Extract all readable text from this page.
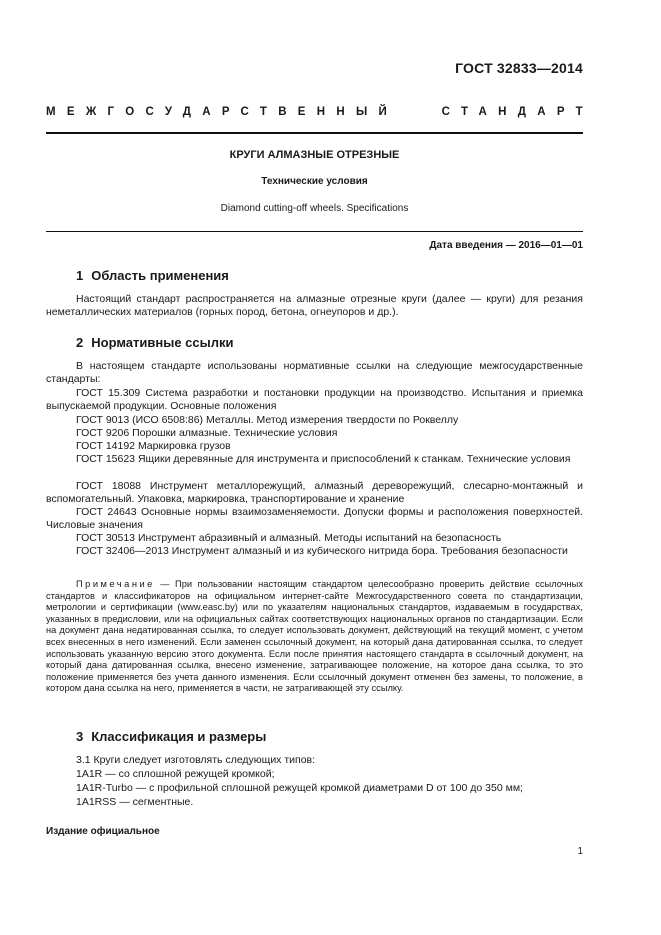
ГОСТ 32833—2014
МЕЖГОСУДАРСТВЕННЫЙ	СТАНДАРТ
КРУГИ АЛМАЗНЫЕ ОТРЕЗНЫЕ
Технические условия
Diamond cutting-off wheels. Specifications
Дата введения — 2016—01—01
1 Область применения
Настоящий стандарт распространяется на алмазные отрезные круги (далее — круги) для резания неметаллических материалов (горных пород, бетона, огнеупоров и др.).
2 Нормативные ссылки
В настоящем стандарте использованы нормативные ссылки на следующие межгосударственные стандарты:
ГОСТ 15.309 Система разработки и постановки продукции на производство. Испытания и приемка выпускаемой продукции. Основные положения
ГОСТ 9013 (ИСО 6508:86) Металлы. Метод измерения твердости по Роквеллу
ГОСТ 9206 Порошки алмазные. Технические условия
ГОСТ 14192 Маркировка грузов
ГОСТ 15623 Ящики деревянные для инструмента и приспособлений к станкам. Технические условия
ГОСТ 18088 Инструмент металлорежущий, алмазный дереворежущий, слесарно-монтажный и вспомогательный. Упаковка, маркировка, транспортирование и хранение
ГОСТ 24643 Основные нормы взаимозаменяемости. Допуски формы и расположения поверхностей. Числовые значения
ГОСТ 30513 Инструмент абразивный и алмазный. Методы испытаний на безопасность
ГОСТ 32406—2013 Инструмент алмазный и из кубического нитрида бора. Требования безопасности
Примечание — При пользовании настоящим стандартом целесообразно проверить действие ссылочных стандартов и классификаторов на официальном интернет-сайте Межгосударственного совета по стандартизации, метрологии и сертификации (www.easc.by) или по указателям национальных стандартов, издаваемым в государствах, указанных в предисловии, или на официальных сайтах соответствующих национальных органов по стандартизации. Если на документ дана недатированная ссылка, то следует использовать документ, действующий на текущий момент, с учетом всех внесенных в него изменений. Если заменен ссылочный документ, на который дана датированная ссылка, то следует использовать указанную версию этого документа. Если после принятия настоящего стандарта в ссылочный документ, на который дана датированная ссылка, внесено изменение, затрагивающее положение, на которое дана ссылка, то это положение применяется без учета данного изменения. Если ссылочный документ отменен без замены, то положение, в котором дана ссылка на него, применяется в части, не затрагивающей эту ссылку.
3 Классификация и размеры
3.1 Круги следует изготовлять следующих типов:
1A1R — со сплошной режущей кромкой;
1A1R-Turbo — с профильной сплошной режущей кромкой диаметрами D от 100 до 350 мм;
1A1RSS — сегментные.
Издание официальное
1
